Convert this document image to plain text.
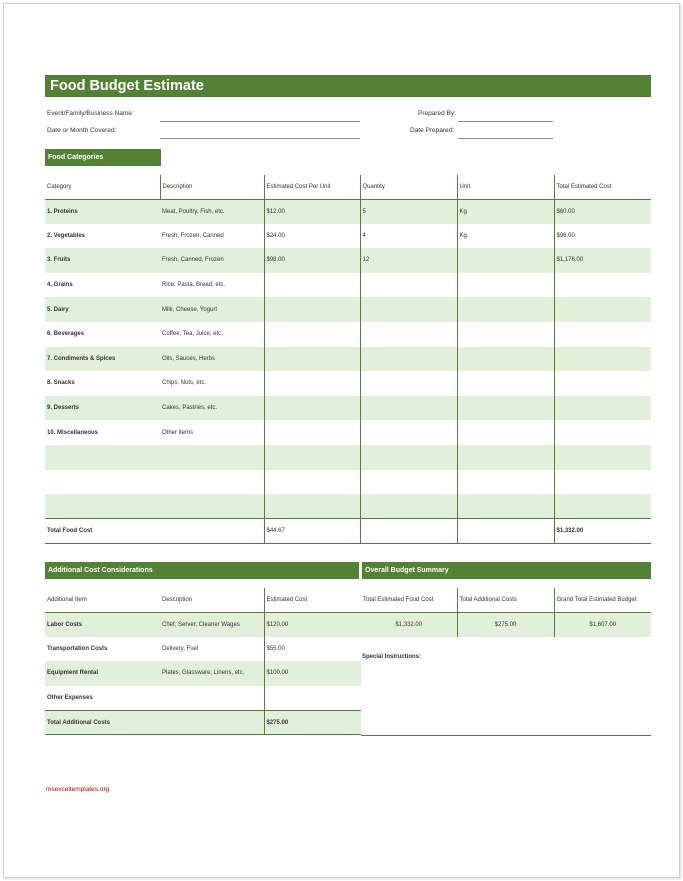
Food Budget Estimate
Event/Family/Business Name:
Date or Month Covered:
Prepared By:
Date Prepared:
Food Categories
Category	Description	Estimated Cost Per Unit	Quantity	Unit	Total Estimated Cost
1. Proteins	Meat, Poultry, Fish, etc.	$12.00	5	Kg	$60.00
2. Vegetables	Fresh, Frozen, Canned	$24.00	4	Kg	$96.00
3. Fruits	Fresh, Canned, Frozen	$98.00	12		$1,176.00
4. Grains	Rice, Pasta, Bread, etc.				
5. Dairy	Milk, Cheese, Yogurt				
6. Beverages	Coffee, Tea, Juice, etc.				
7. Condiments & Spices	Oils, Sauces, Herbs				
8. Snacks	Chips, Nuts, etc.				
9. Desserts	Cakes, Pastries, etc.				
10. Miscellaneous	Other items				

Total Food Cost		$44.67			$1,332.00
Additional Cost Considerations	Overall Budget Summary
Additional Item	Description	Estimated Cost
Labor Costs	Chef, Server, Cleaner Wages	$120.00
Transportation Costs	Delivery, Fuel	$55.00
Equipment Rental	Plates, Glassware, Linens, etc.	$100.00
Other Expenses		
Total Additional Costs		$275.00
Total Estimated Food Cost	Total Additional Costs	Grand Total Estimated Budget
$1,332.00	$275.00	$1,607.00
Special Instructions:
msexceltemplates.org
